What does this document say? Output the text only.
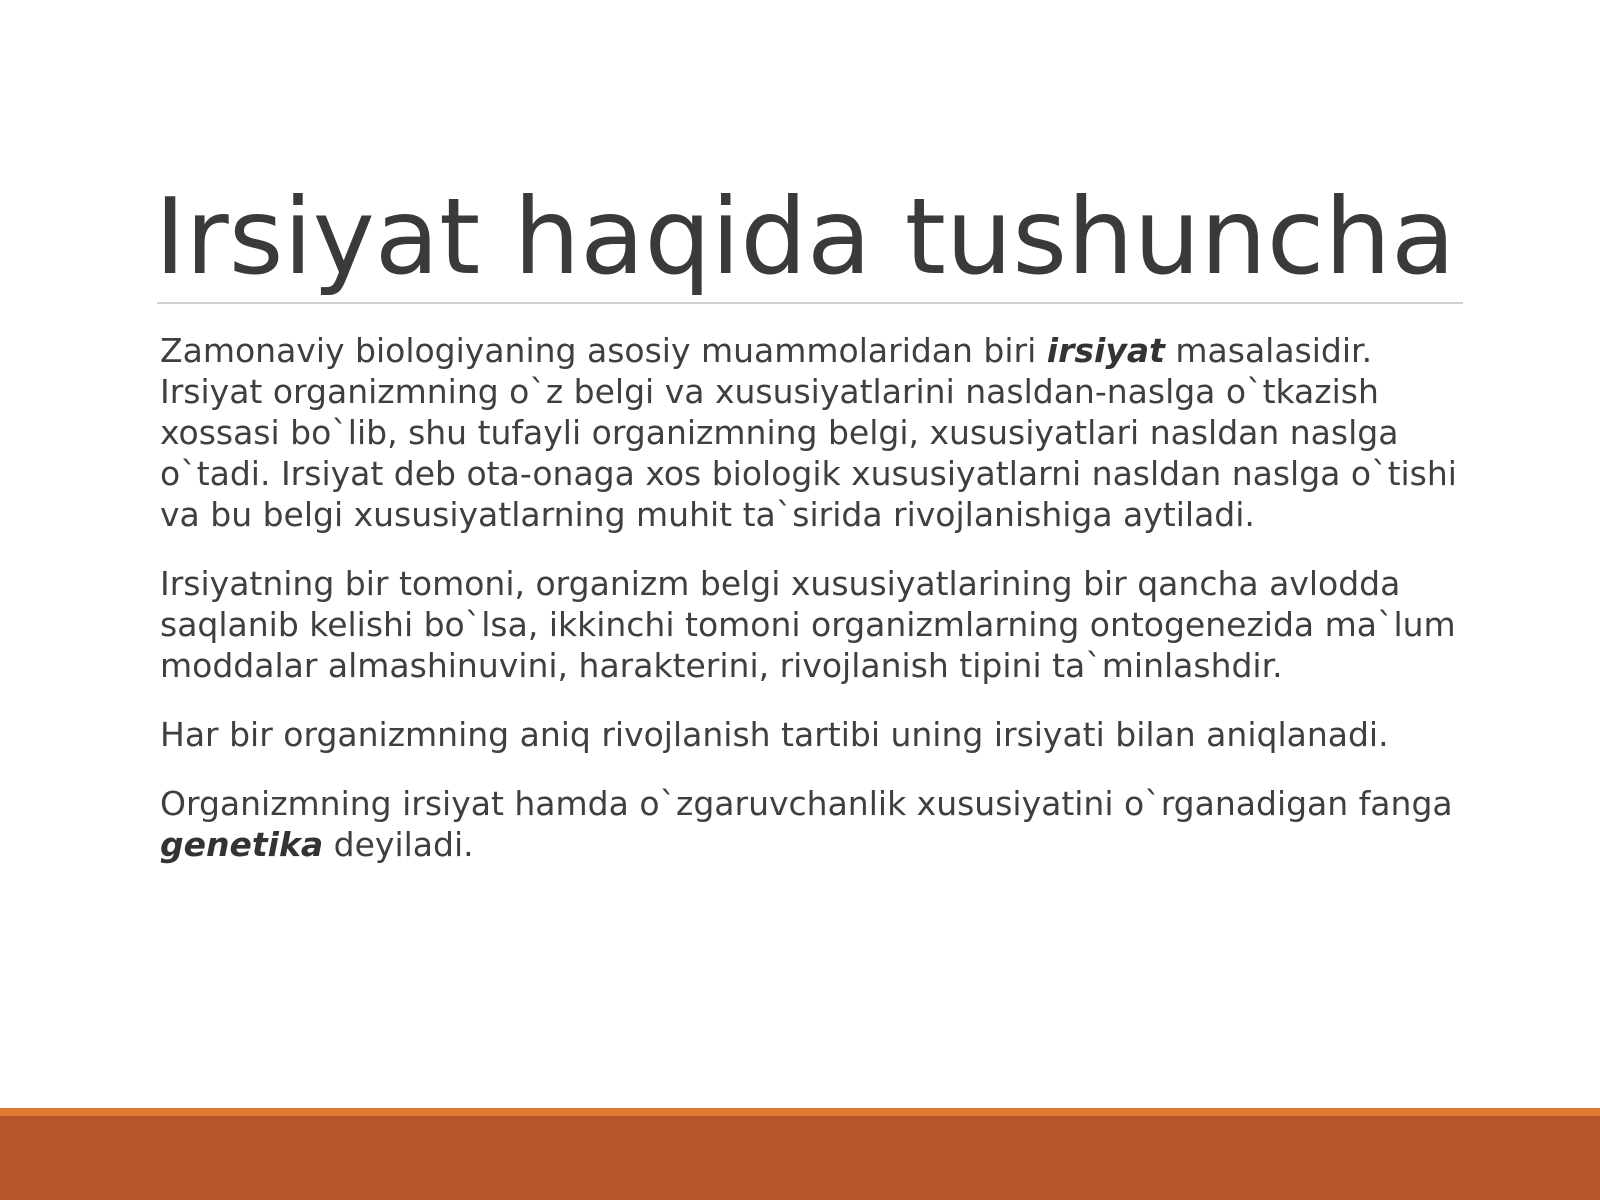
Irsiyat haqida tushuncha

Zamonaviy biologiyaning asosiy muammolaridan biri irsiyat masalasidir. Irsiyat organizmning o`z belgi va xususiyatlarini nasldan-naslga o`tkazish xossasi bo`lib, shu tufayli organizmning belgi, xususiyatlari nasldan naslga o`tadi. Irsiyat deb ota-onaga xos biologik xususiyatlarni nasldan naslga o`tishi va bu belgi xususiyatlarning muhit ta`sirida rivojlanishiga aytiladi.

Irsiyatning bir tomoni, organizm belgi xususiyatlarining bir qancha avlodda saqlanib kelishi bo`lsa, ikkinchi tomoni organizmlarning ontogenezida ma`lum moddalar almashinuvini, harakterini, rivojlanish tipini ta`minlashdir.

Har bir organizmning aniq rivojlanish tartibi uning irsiyati bilan aniqlanadi.

Organizmning irsiyat hamda o`zgaruvchanlik xususiyatini o`rganadigan fanga genetika deyiladi.
